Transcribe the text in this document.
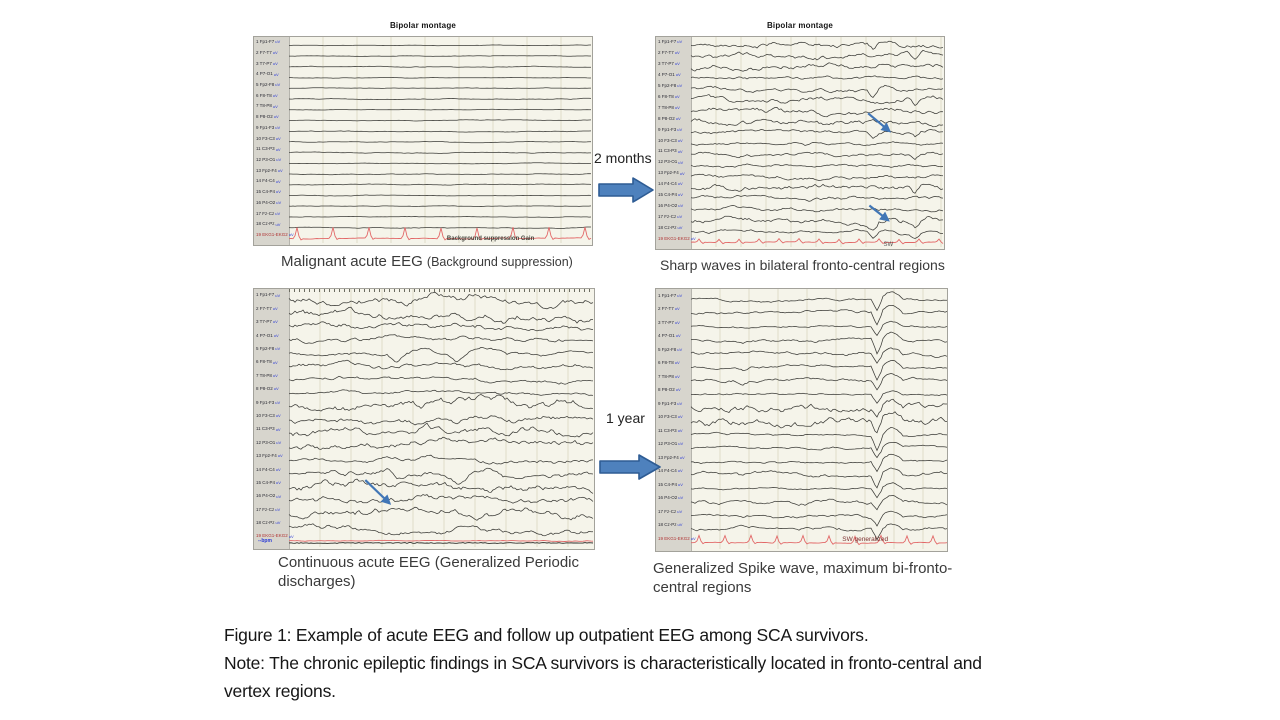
Bipolar montage	Bipolar montage
1 Fp1-F7 uV
2 F7-T7 uV
3 T7-P7 uV
4 P7-O1 uV
5 Fp2-F8 uV
6 F8-T8 uV
7 T8-P8 uV
8 P8-O2 uV
9 Fp1-F3 uV
10 F3-C3 uV
11 C3-P3 uV
12 P3-O1 uV
13 Fp2-F4 uV
14 F4-C4 uV
15 C4-P4 uV
16 P4-O2 uV
17 Fz-Cz uV
18 Cz-Pz uV
19 EKG1-EKG2 uV
Background suppression Gain
1 Fp1-F7 uV
2 F7-T7 uV
3 T7-P7 uV
4 P7-O1 uV
5 Fp2-F8 uV
6 F8-T8 uV
7 T8-P8 uV
8 P8-O2 uV
9 Fp1-F3 uV
10 F3-C3 uV
11 C3-P3 uV
12 P3-O1 uV
13 Fp2-F4 uV
14 F4-C4 uV
15 C4-P4 uV
16 P4-O2 uV
17 Fz-Cz uV
18 Cz-Pz uV
19 EKG1-EKG2 uV
SW
1 Fp1-F7 uV
2 F7-T7 uV
3 T7-P7 uV
4 P7-O1 uV
5 Fp2-F8 uV
6 F8-T8 uV
7 T8-P8 uV
8 P8-O2 uV
9 Fp1-F3 uV
10 F3-C3 uV
11 C3-P3 uV
12 P3-O1 uV
13 Fp2-F4 uV
14 F4-C4 uV
15 C4-P4 uV
16 P4-O2 uV
17 Fz-Cz uV
18 Cz-Pz uV
19 EKG1-EKG2 uV
--bpm
1 Fp1-F7 uV
2 F7-T7 uV
3 T7-P7 uV
4 P7-O1 uV
5 Fp2-F8 uV
6 F8-T8 uV
7 T8-P8 uV
8 P8-O2 uV
9 Fp1-F3 uV
10 F3-C3 uV
11 C3-P3 uV
12 P3-O1 uV
13 Fp2-F4 uV
14 F4-C4 uV
15 C4-P4 uV
16 P4-O2 uV
17 Fz-Cz uV
18 Cz-Pz uV
19 EKG1-EKG2 uV	SW generalized
2 months
1 year
Malignant acute EEG (Background suppression)	Sharp waves in bilateral fronto-central regions
Continuous acute EEG (Generalized Periodic discharges)
Generalized Spike wave, maximum bi-fronto-central regions

Figure 1: Example of acute EEG and follow up outpatient EEG among SCA survivors.

Note: The chronic epileptic findings in SCA survivors is characteristically located in fronto-central and vertex regions.
